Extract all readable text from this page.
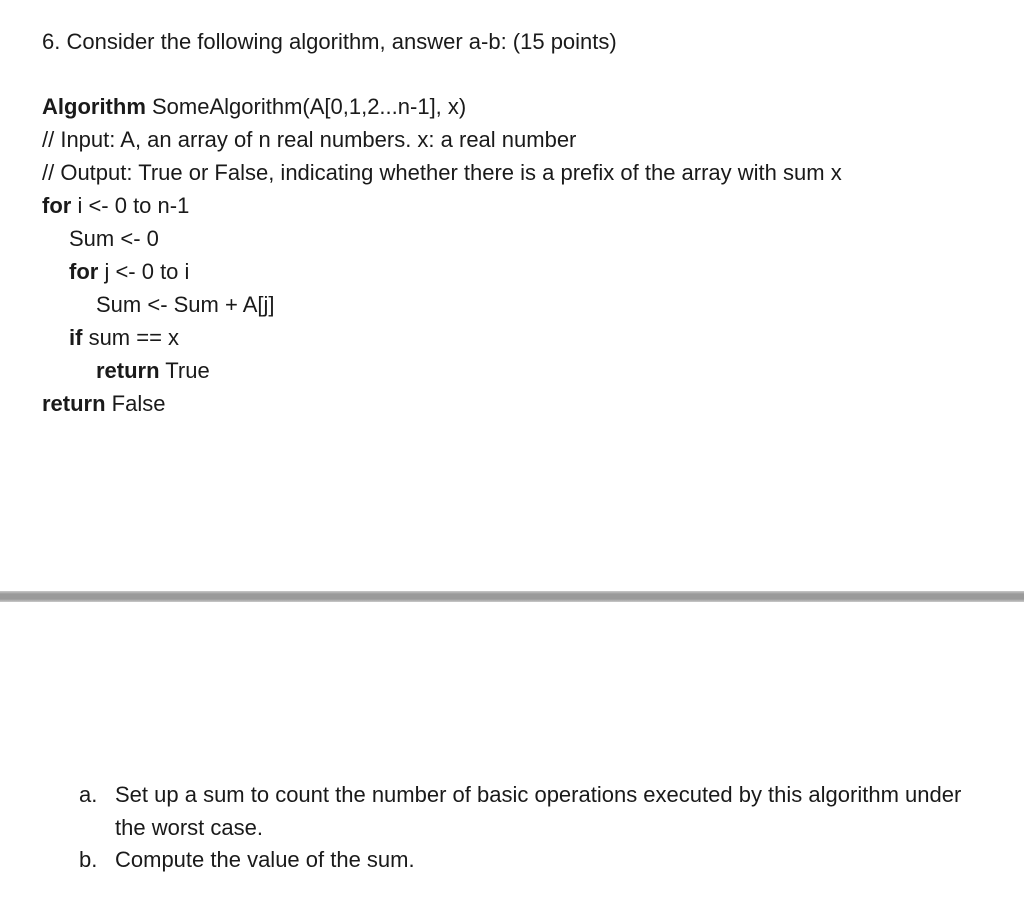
6. Consider the following algorithm, answer a-b: (15 points)
Algorithm SomeAlgorithm(A[0,1,2...n-1], x)
// Input: A, an array of n real numbers. x: a real number
// Output: True or False, indicating whether there is a prefix of the array with sum x
for i <- 0 to n-1
Sum <- 0
for j <- 0 to i
Sum <- Sum + A[j]
if sum == x
return True
return False
a. Set up a sum to count the number of basic operations executed by this algorithm under the worst case.
b. Compute the value of the sum.
